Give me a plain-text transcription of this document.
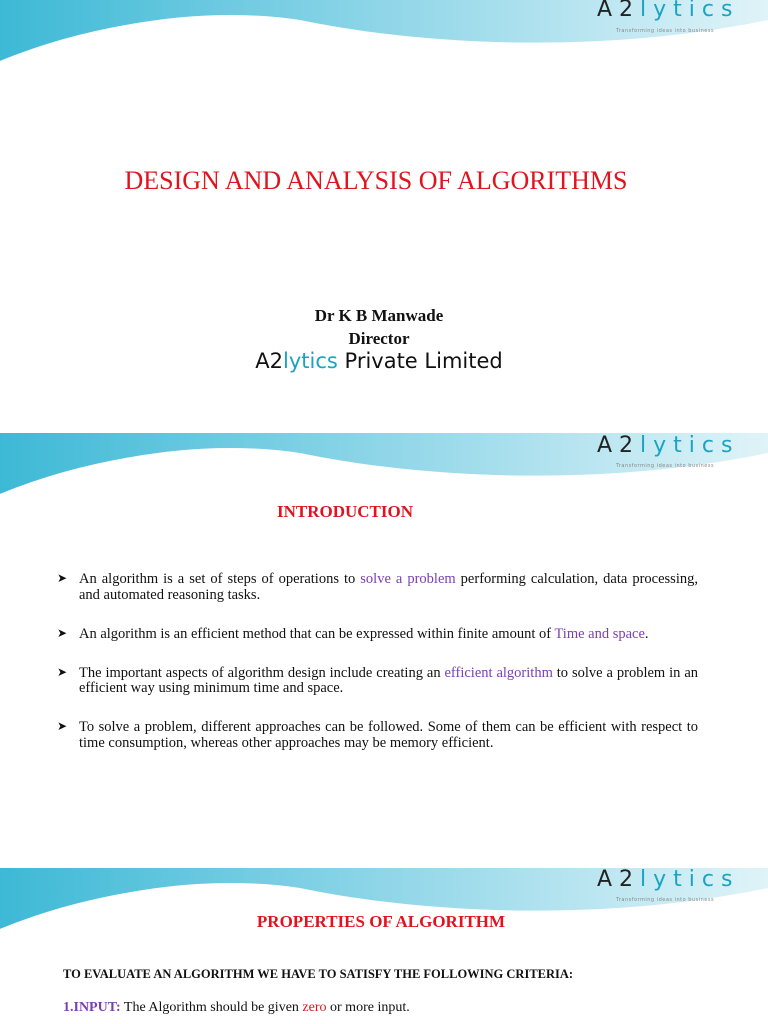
A2lytics
Transforming ideas into business
DESIGN AND ANALYSIS OF ALGORITHMS
Dr K B Manwade
Director
A2lytics Private Limited
A2lytics
Transforming ideas into business
INTRODUCTION
➤ An algorithm is a set of steps of operations to solve a problem performing calculation, data processing, and automated reasoning tasks.
➤ An algorithm is an efficient method that can be expressed within finite amount of Time and space.
➤ The important aspects of algorithm design include creating an efficient algorithm to solve a problem in an efficient way using minimum time and space.
➤ To solve a problem, different approaches can be followed. Some of them can be efficient with respect to time consumption, whereas other approaches may be memory efficient.
A2lytics
Transforming ideas into business
PROPERTIES OF ALGORITHM
TO EVALUATE AN ALGORITHM WE HAVE TO SATISFY THE FOLLOWING CRITERIA:
1.INPUT: The Algorithm should be given zero or more input.
